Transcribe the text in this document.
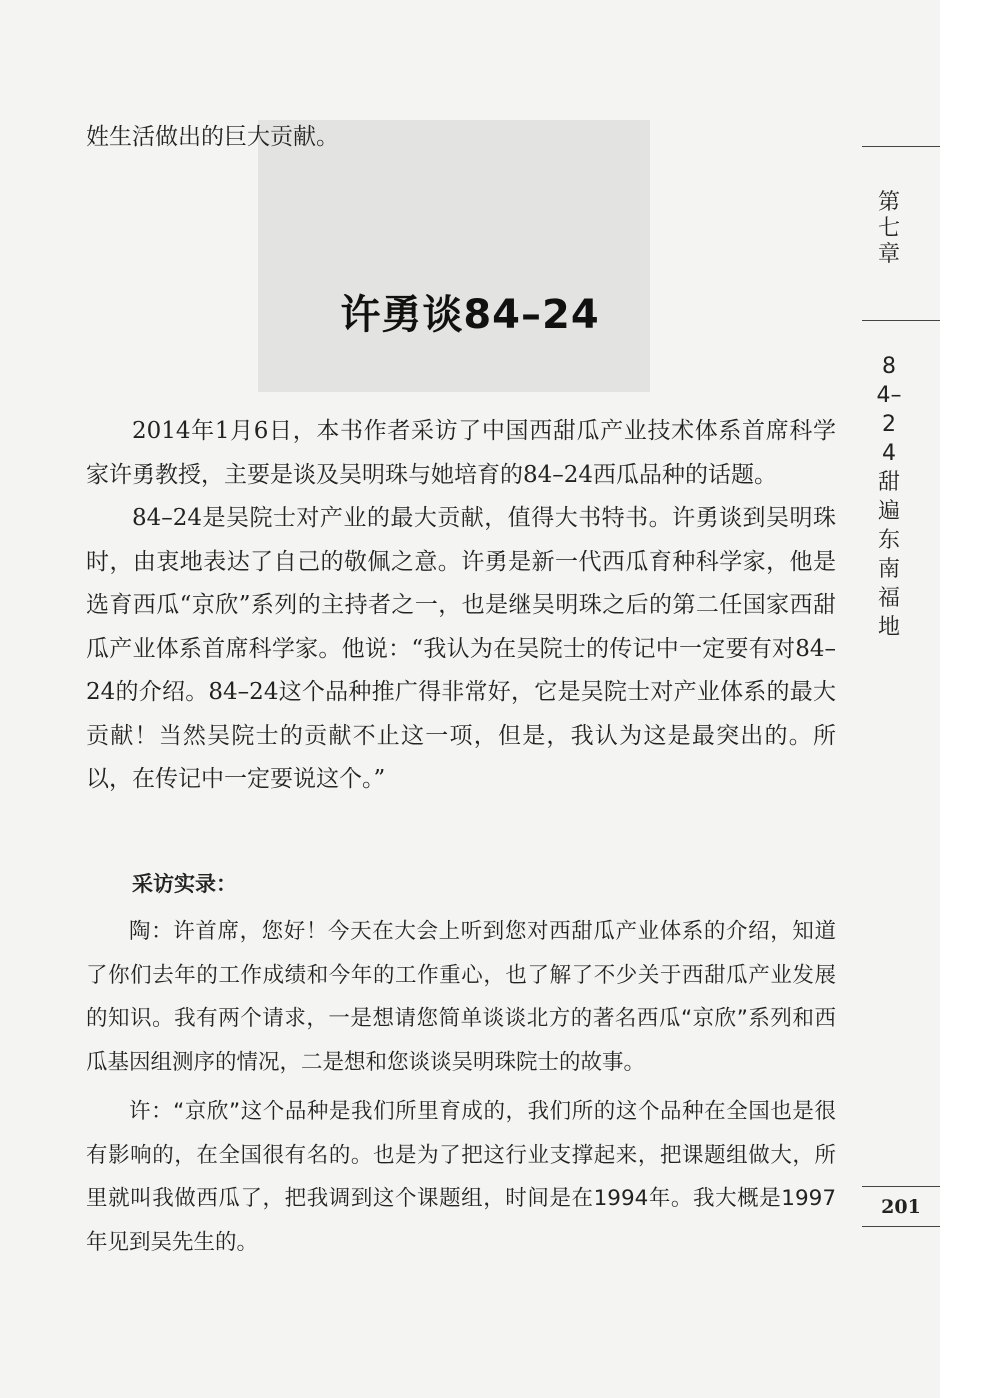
姓生活做出的巨大贡献。
许勇谈84–24

2014年1月6日，本书作者采访了中国西甜瓜产业技术体系首席科学家许勇教授，主要是谈及吴明珠与她培育的84–24西瓜品种的话题。

84–24是吴院士对产业的最大贡献，值得大书特书。许勇谈到吴明珠时，由衷地表达了自己的敬佩之意。许勇是新一代西瓜育种科学家，他是选育西瓜“京欣”系列的主持者之一，也是继吴明珠之后的第二任国家西甜瓜产业体系首席科学家。他说：“我认为在吴院士的传记中一定要有对84–24的介绍。84–24这个品种推广得非常好，它是吴院士对产业体系的最大贡献！当然吴院士的贡献不止这一项，但是，我认为这是最突出的。所以，在传记中一定要说这个。”

采访实录：

陶：许首席，您好！今天在大会上听到您对西甜瓜产业体系的介绍，知道了你们去年的工作成绩和今年的工作重心，也了解了不少关于西甜瓜产业发展的知识。我有两个请求，一是想请您简单谈谈北方的著名西瓜“京欣”系列和西瓜基因组测序的情况，二是想和您谈谈吴明珠院士的故事。

许：“京欣”这个品种是我们所里育成的，我们所的这个品种在全国也是很有影响的，在全国很有名的。也是为了把这行业支撑起来，把课题组做大，所里就叫我做西瓜了，把我调到这个课题组，时间是在1994年。我大概是1997年见到吴先生的。

第七章
84–24甜遍东南福地
201
